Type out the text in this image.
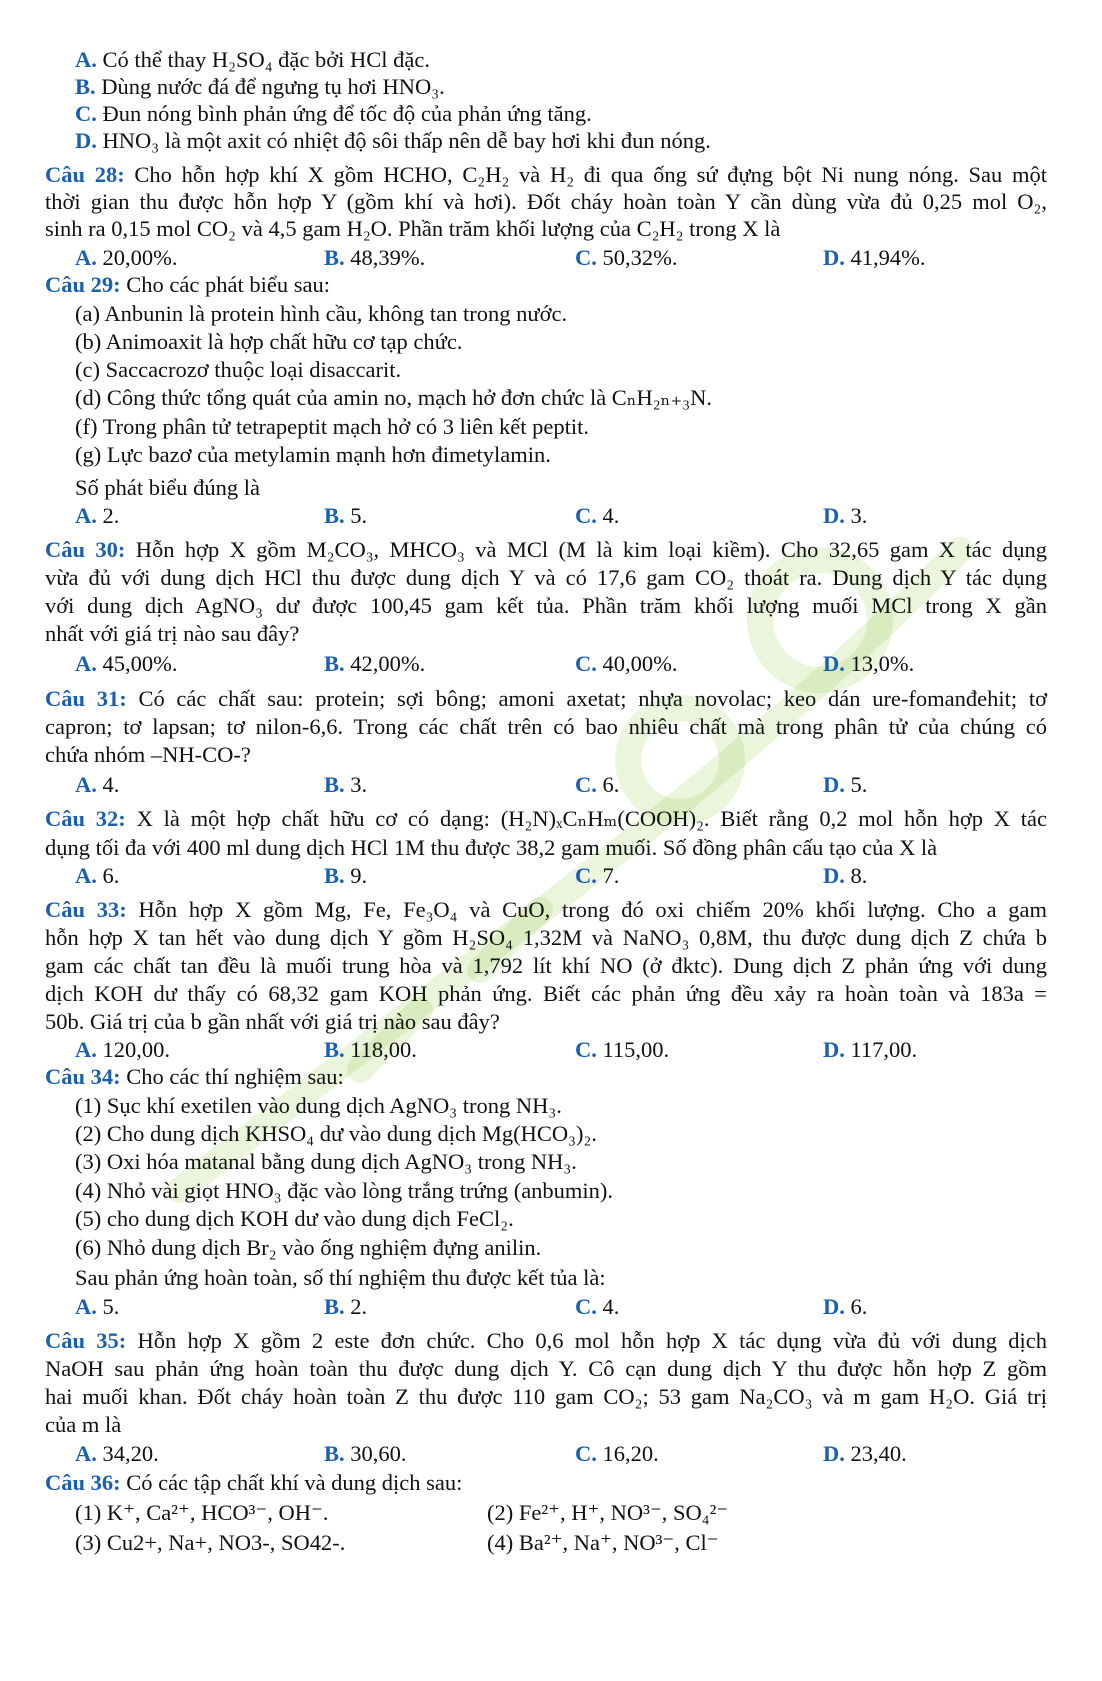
A. Có thể thay H₂SO₄ đặc bởi HCl đặc.
B. Dùng nước đá để ngưng tụ hơi HNO₃.
C. Đun nóng bình phản ứng để tốc độ của phản ứng tăng.
D. HNO₃ là một axit có nhiệt độ sôi thấp nên dễ bay hơi khi đun nóng.
Câu 28: Cho hỗn hợp khí X gồm HCHO, C₂H₂ và H₂ đi qua ống sứ đựng bột Ni nung nóng. Sau một
thời gian thu được hỗn hợp Y (gồm khí và hơi). Đốt cháy hoàn toàn Y cần dùng vừa đủ 0,25 mol O₂,
sinh ra 0,15 mol CO₂ và 4,5 gam H₂O. Phần trăm khối lượng của C₂H₂ trong X là
A. 20,00%.	B. 48,39%.	C. 50,32%.	D. 41,94%.
Câu 29: Cho các phát biểu sau:
(a) Anbunin là protein hình cầu, không tan trong nước.
(b) Animoaxit là hợp chất hữu cơ tạp chức.
(c) Saccacrozơ thuộc loại disaccarit.
(d) Công thức tổng quát của amin no, mạch hở đơn chức là CₙH₂ₙ₊₃N.
(f) Trong phân tử tetrapeptit mạch hở có 3 liên kết peptit.
(g) Lực bazơ của metylamin mạnh hơn đimetylamin.
Số phát biểu đúng là
A. 2.	B. 5.	C. 4.	D. 3.
Câu 30: Hỗn hợp X gồm M₂CO₃, MHCO₃ và MCl (M là kim loại kiềm). Cho 32,65 gam X tác dụng
vừa đủ với dung dịch HCl thu được dung dịch Y và có 17,6 gam CO₂ thoát ra. Dung dịch Y tác dụng
với dung dịch AgNO₃ dư được 100,45 gam kết tủa. Phần trăm khối lượng muối MCl trong X gần
nhất với giá trị nào sau đây?
A. 45,00%.	B. 42,00%.	C. 40,00%.	D. 13,0%.
Câu 31: Có các chất sau: protein; sợi bông; amoni axetat; nhựa novolac; keo dán ure-fomanđehit; tơ
capron; tơ lapsan; tơ nilon-6,6. Trong các chất trên có bao nhiêu chất mà trong phân tử của chúng có
chứa nhóm –NH-CO-?
A. 4.	B. 3.	C. 6.	D. 5.
Câu 32: X là một hợp chất hữu cơ có dạng: (H₂N)ₓCₙHₘ(COOH)₂. Biết rằng 0,2 mol hỗn hợp X tác
dụng tối đa với 400 ml dung dịch HCl 1M thu được 38,2 gam muối. Số đồng phân cấu tạo của X là
A. 6.	B. 9.	C. 7.	D. 8.
Câu 33: Hỗn hợp X gồm Mg, Fe, Fe₃O₄ và CuO, trong đó oxi chiếm 20% khối lượng. Cho a gam
hỗn hợp X tan hết vào dung dịch Y gồm H₂SO₄ 1,32M và NaNO₃ 0,8M, thu được dung dịch Z chứa b
gam các chất tan đều là muối trung hòa và 1,792 lít khí NO (ở đktc). Dung dịch Z phản ứng với dung
dịch KOH dư thấy có 68,32 gam KOH phản ứng. Biết các phản ứng đều xảy ra hoàn toàn và 183a =
50b. Giá trị của b gần nhất với giá trị nào sau đây?
A. 120,00.	B. 118,00.	C. 115,00.	D. 117,00.
Câu 34: Cho các thí nghiệm sau:
(1) Sục khí exetilen vào dung dịch AgNO₃ trong NH₃.
(2) Cho dung dịch KHSO₄ dư vào dung dịch Mg(HCO₃)₂.
(3) Oxi hóa matanal bằng dung dịch AgNO₃ trong NH₃.
(4) Nhỏ vài giọt HNO₃ đặc vào lòng trắng trứng (anbumin).
(5) cho dung dịch KOH dư vào dung dịch FeCl₂.
(6) Nhỏ dung dịch Br₂ vào ống nghiệm đựng anilin.
Sau phản ứng hoàn toàn, số thí nghiệm thu được kết tủa là:
A. 5.	B. 2.	C. 4.	D. 6.
Câu 35: Hỗn hợp X gồm 2 este đơn chức. Cho 0,6 mol hỗn hợp X tác dụng vừa đủ với dung dịch
NaOH sau phản ứng hoàn toàn thu được dung dịch Y. Cô cạn dung dịch Y thu được hỗn hợp Z gồm
hai muối khan. Đốt cháy hoàn toàn Z thu được 110 gam CO₂; 53 gam Na₂CO₃ và m gam H₂O. Giá trị
của m là
A. 34,20.	B. 30,60.	C. 16,20.	D. 23,40.
Câu 36: Có các tập chất khí và dung dịch sau:
(1) K⁺, Ca²⁺, HCO³⁻, OH⁻.	(2) Fe²⁺, H⁺, NO³⁻, SO₄²⁻
(3) Cu2+, Na+, NO3-, SO42-.	(4) Ba²⁺, Na⁺, NO³⁻, Cl⁻
